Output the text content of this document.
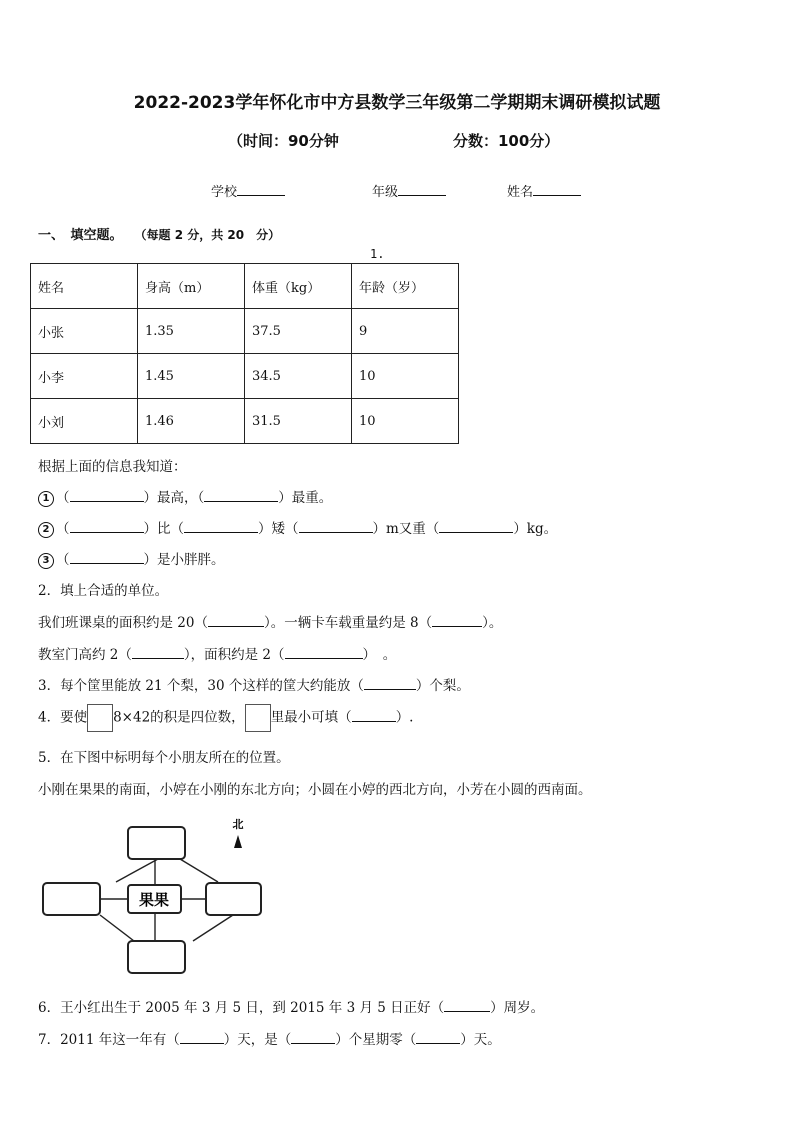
2022-2023学年怀化市中方县数学三年级第二学期期末调研模拟试题
（时间：90分钟	分数：100分）
学校	年级	姓名
一、　填空题。 （每题 2 分，共 20　分）
1.
姓名	身高（m）	体重（kg）	年龄（岁）
小张	1.35	37.5	9
小李	1.45	34.5	10
小刘	1.46	31.5	10
根据上面的信息我知道：
1 （	）最高，（	）最重。
2 （	）比（	）矮（	）m又重（	）kg。
3 （	）是小胖胖。
2．填上合适的单位。
我们班课桌的面积约是 20（	）。一辆卡车载重量约是 8（	）。
教室门高约 2（	），面积约是 2（	）　。
3．每个筐里能放 21 个梨，30 个这样的筐大约能放（	）个梨。
4．要使 8×42的积是四位数， 里最小可填（	）.
5．在下图中标明每个小朋友所在的位置。
小刚在果果的南面，小婷在小刚的东北方向；小圆在小婷的西北方向，小芳在小圆的西南面。
果果
北
6．王小红出生于 2005 年 3 月 5 日，到 2015 年 3 月 5 日正好（	）周岁。
7．2011 年这一年有（	）天，是（	）个星期零（	）天。
